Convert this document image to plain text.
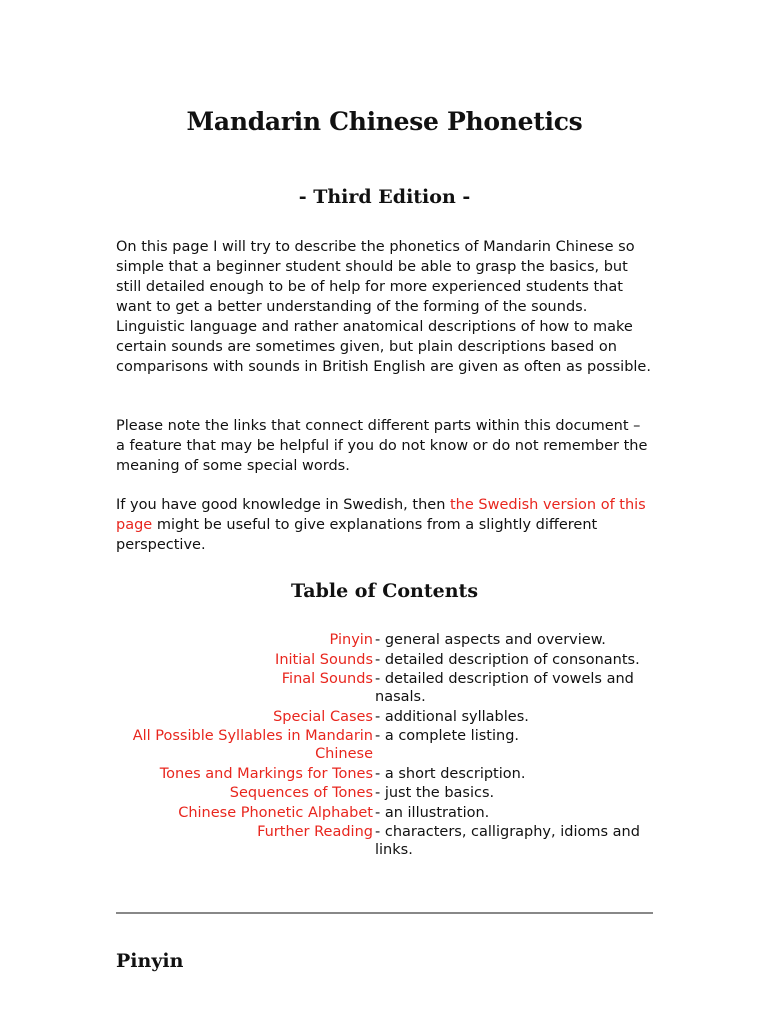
Mandarin Chinese Phonetics
- Third Edition -

On this page I will try to describe the phonetics of Mandarin Chinese so simple that a beginner student should be able to grasp the basics, but still detailed enough to be of help for more experienced students that want to get a better understanding of the forming of the sounds. Linguistic language and rather anatomical descriptions of how to make certain sounds are sometimes given, but plain descriptions based on comparisons with sounds in British English are given as often as possible.

Please note the links that connect different parts within this document – a feature that may be helpful if you do not know or do not remember the meaning of some special words.

If you have good knowledge in Swedish, then the Swedish version of this page might be useful to give explanations from a slightly different perspective.

Table of Contents
Pinyin - general aspects and overview.
Initial Sounds - detailed description of consonants.
Final Sounds - detailed description of vowels and nasals.
Special Cases - additional syllables.
All Possible Syllables in Mandarin Chinese
- a complete listing.
Tones and Markings for Tones - a short description.
Sequences of Tones - just the basics.
Chinese Phonetic Alphabet - an illustration.
Further Reading - characters, calligraphy, idioms and links.
Pinyin
